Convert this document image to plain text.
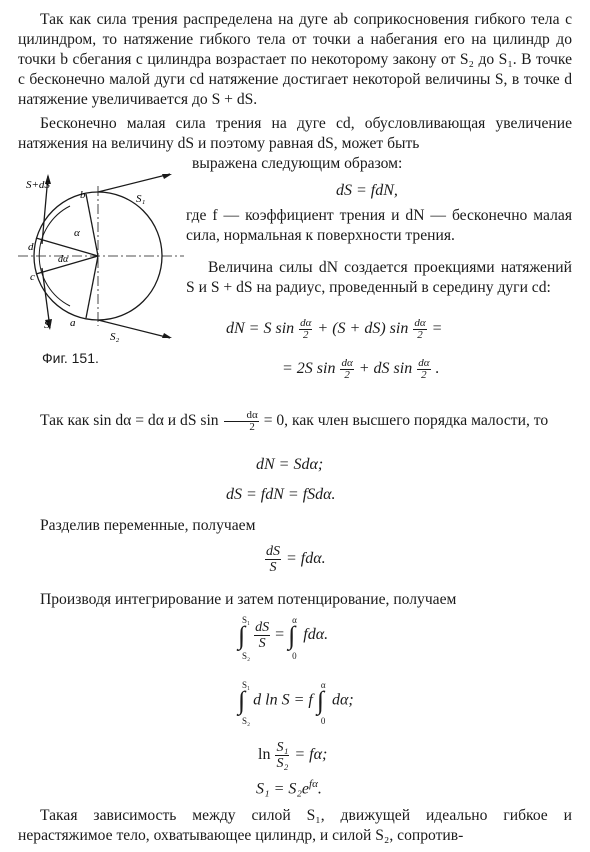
Так как сила трения распределена на дуге ab соприкосновения гибкого тела с цилиндром, то натяжение гибкого тела от точки a набегания его на цилиндр до точки b сбегания с цилиндра возрастает по некоторому закону от S₂ до S₁. В точке c бесконечно малой дуги cd натяжение достигает некоторой величины S, в точке d натяжение увеличивается до S + dS.

Бесконечно малая сила трения на дуге cd, обусловливающая увеличение натяжения на величину dS и поэтому равная dS, может быть

выражена следующим образом:

S+dS
b	S₁
α
d
dα
c
a
S
S₂
Фиг. 151.
dS = fdN,

где f — коэффициент трения и dN — бесконечно малая сила, нормальная к поверхности трения.

Величина силы dN создается проекциями натяжений S и S + dS на радиус, проведенный в середину дуги cd:

dN = S $\sin \frac{d\alpha}{2} + (S + dS)$ $\sin \frac{d\alpha}{2}$ =
= 2S $\sin \frac{d\alpha}{2}$ + dS $\sin \frac{d\alpha}{2}$ .
Так как sin dα = dα и dS $\sin \frac{d\alpha}{2} = 0$, как член высшего порядка малости, то
dN = Sdα;
dS = fdN = fSdα.

Разделив переменные, получаем

$\frac{dS}{S} = fd\alpha$.

Производя интегрирование и затем потенцирование, получаем

∫
S₁
S₂

$\frac{dS}{S}$ = ∫
α
0
fdα.
∫
S₁
S₂
d ln S = f ∫
α
0
dα;
$\ln \frac{\text{S₁}}{\text{S₂}} = f\alpha$;
$S_1 = S_2e^{f\alpha}$.

Такая зависимость между силой S₁, движущей идеально гибкое и нерастяжимое тело, охватывающее цилиндр, и силой S₂, сопротив-
